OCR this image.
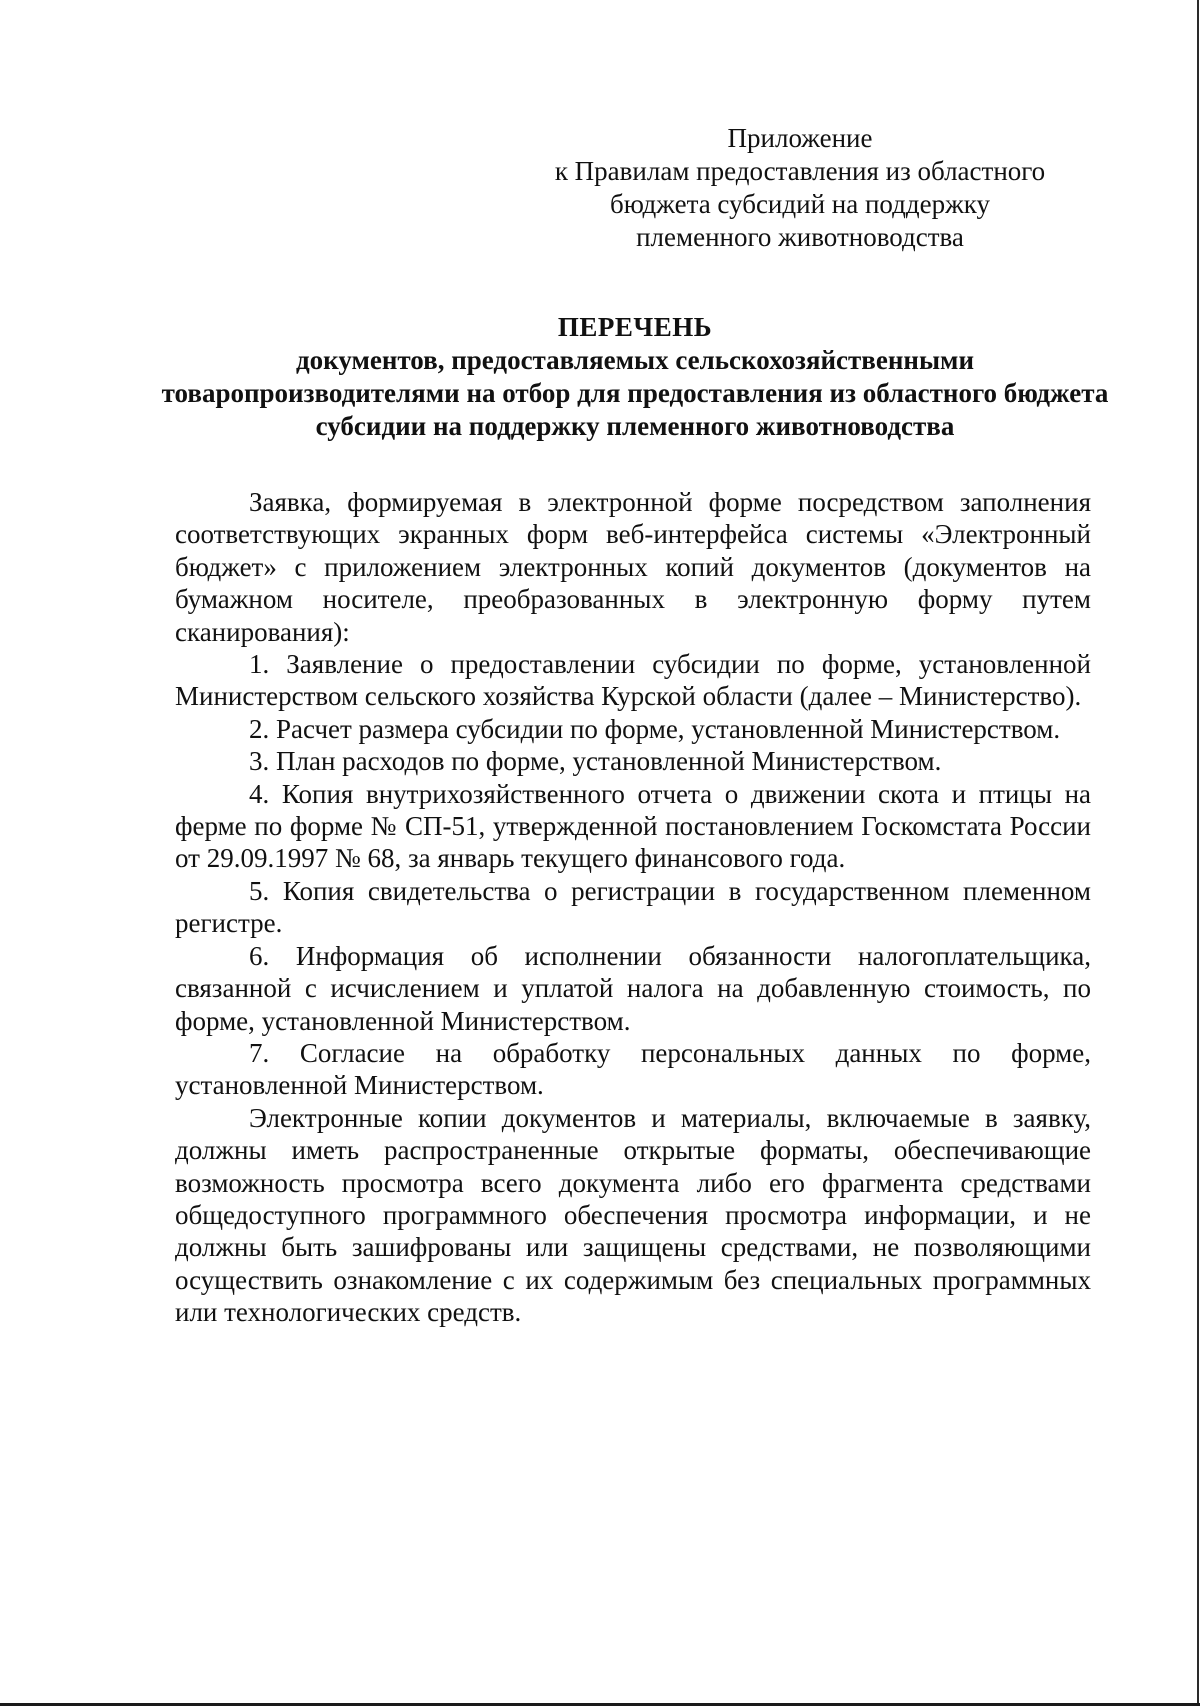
Приложение
к Правилам предоставления из областного
бюджета субсидий на поддержку
племенного животноводства
ПЕРЕЧЕНЬ
документов, предоставляемых сельскохозяйственными товаропроизводителями на отбор для предоставления из областного бюджета субсидии на поддержку племенного животноводства

Заявка, формируемая в электронной форме посредством заполнения соответствующих экранных форм веб-интерфейса системы «Электронный бюджет» с приложением электронных копий документов (документов на бумажном носителе, преобразованных в электронную форму путем сканирования):

1. Заявление о предоставлении субсидии по форме, установленной Министерством сельского хозяйства Курской области (далее – Министерство).

2. Расчет размера субсидии по форме, установленной Министерством.

3. План расходов по форме, установленной Министерством.

4. Копия внутрихозяйственного отчета о движении скота и птицы на ферме по форме № СП-51, утвержденной постановлением Госкомстата России от 29.09.1997 № 68, за январь текущего финансового года.

5. Копия свидетельства о регистрации в государственном племенном регистре.

6. Информация об исполнении обязанности налогоплательщика, связанной с исчислением и уплатой налога на добавленную стоимость, по форме, установленной Министерством.

7. Согласие на обработку персональных данных по форме, установленной Министерством.

Электронные копии документов и материалы, включаемые в заявку, должны иметь распространенные открытые форматы, обеспечивающие возможность просмотра всего документа либо его фрагмента средствами общедоступного программного обеспечения просмотра информации, и не должны быть зашифрованы или защищены средствами, не позволяющими осуществить ознакомление с их содержимым без специальных программных или технологических средств.
